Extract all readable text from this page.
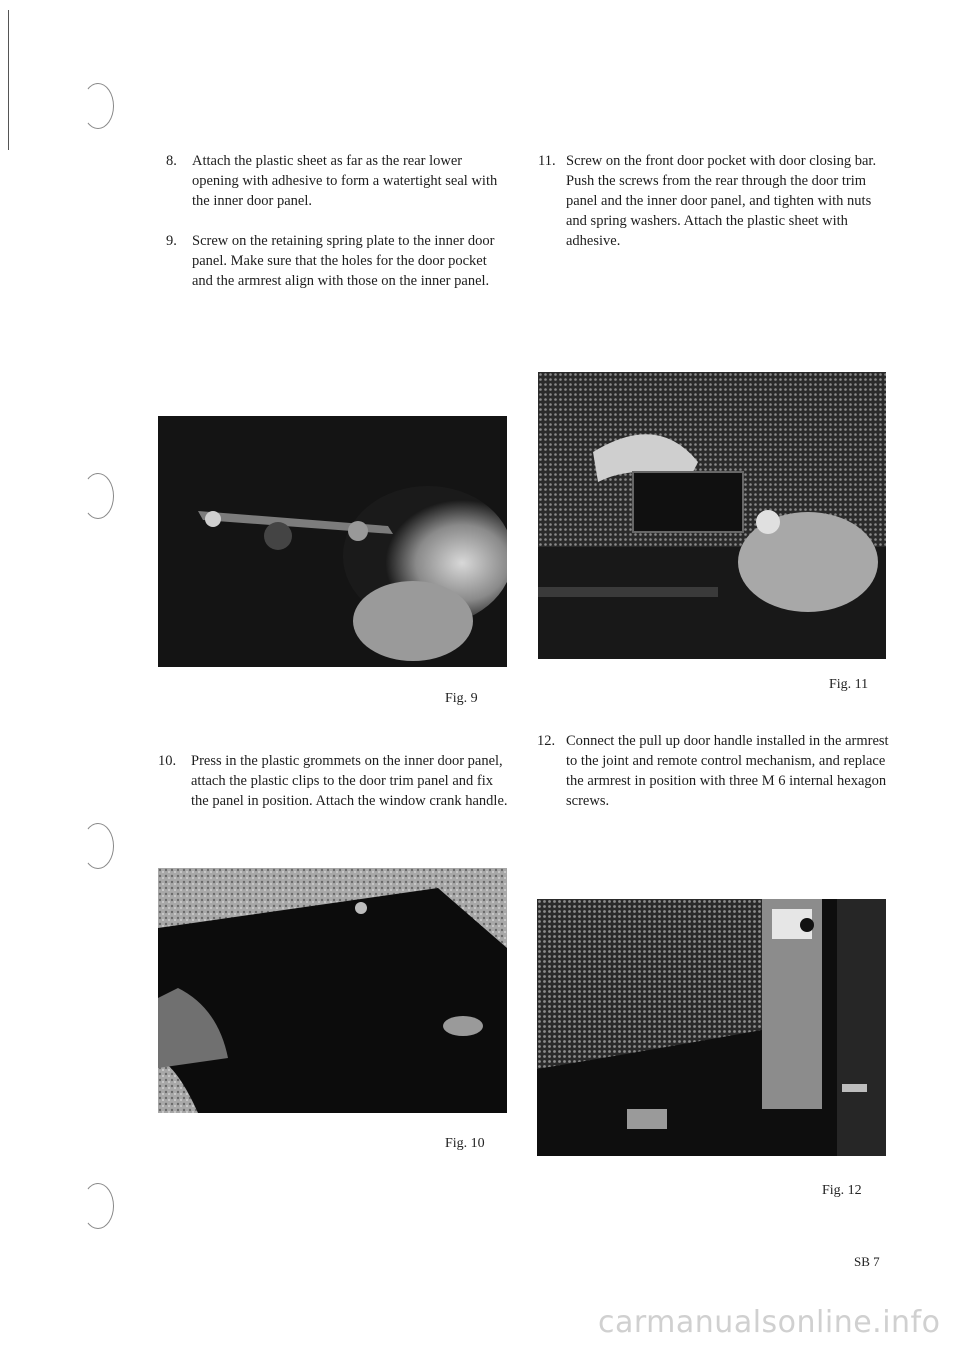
8. Attach the plastic sheet as far as the rear lower opening with adhesive to form a watertight seal with the inner door panel.
9. Screw on the retaining spring plate to the inner door panel. Make sure that the holes for the door pocket and the armrest align with those on the inner panel.
11. Screw on the front door pocket with door closing bar. Push the screws from the rear through the door trim panel and the inner door panel, and tighten with nuts and spring washers. Attach the plastic sheet with adhesive.
Fig. 9
Fig. 11
10. Press in the plastic grommets on the inner door panel, attach the plastic clips to the door trim panel and fix the panel in position. Attach the window crank handle.
12. Connect the pull up door handle installed in the armrest to the joint and remote control mechanism, and replace the armrest in position with three M 6 internal hexagon screws.
Fig. 10
Fig. 12
SB 7
carmanualsonline.info
